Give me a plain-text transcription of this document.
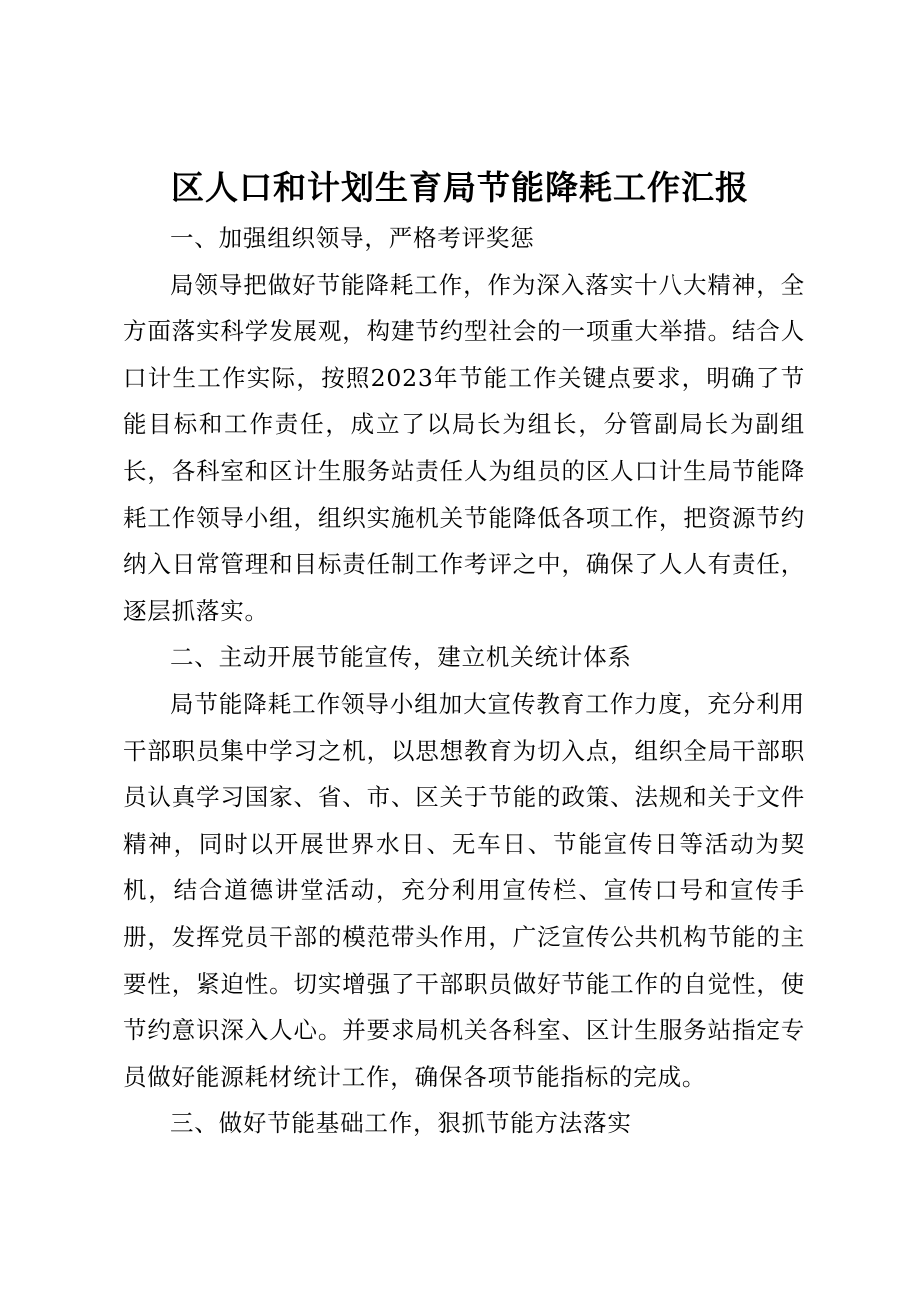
区人口和计划生育局节能降耗工作汇报

一、加强组织领导，严格考评奖惩

局领导把做好节能降耗工作，作为深入落实十八大精神，全方面落实科学发展观，构建节约型社会的一项重大举措。结合人口计生工作实际，按照2023年节能工作关键点要求，明确了节能目标和工作责任，成立了以局长为组长，分管副局长为副组长，各科室和区计生服务站责任人为组员的区人口计生局节能降耗工作领导小组，组织实施机关节能降低各项工作，把资源节约纳入日常管理和目标责任制工作考评之中，确保了人人有责任，逐层抓落实。

二、主动开展节能宣传，建立机关统计体系

局节能降耗工作领导小组加大宣传教育工作力度，充分利用干部职员集中学习之机，以思想教育为切入点，组织全局干部职员认真学习国家、省、市、区关于节能的政策、法规和关于文件精神，同时以开展世界水日、无车日、节能宣传日等活动为契机，结合道德讲堂活动，充分利用宣传栏、宣传口号和宣传手册，发挥党员干部的模范带头作用，广泛宣传公共机构节能的主要性，紧迫性。切实增强了干部职员做好节能工作的自觉性，使节约意识深入人心。并要求局机关各科室、区计生服务站指定专员做好能源耗材统计工作，确保各项节能指标的完成。

三、做好节能基础工作，狠抓节能方法落实
